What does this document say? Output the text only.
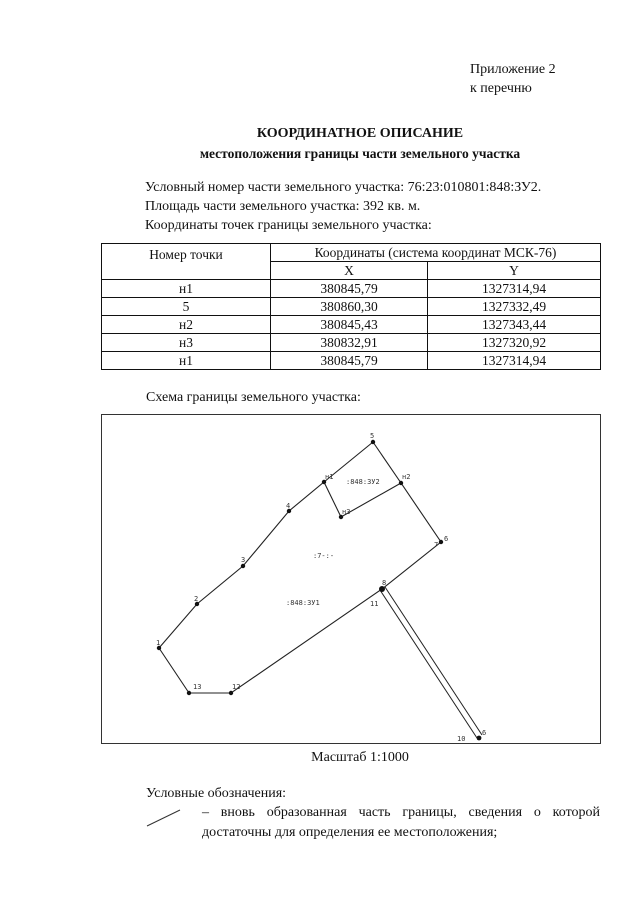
Приложение 2
к перечню
КООРДИНАТНОЕ ОПИСАНИЕ
местоположения границы части земельного участка
Условный номер части земельного участка: 76:23:010801:848:ЗУ2.
Площадь части земельного участка: 392 кв. м.
Координаты точек границы земельного участка:
Номер точки	Координаты (система координат МСК-76)	
	X	Y
н1	380845,79	1327314,94
5	380860,30	1327332,49
н2	380845,43	1327343,44
н3	380832,91	1327320,92
н1	380845,79	1327314,94
Схема границы земельного участка:
1
2
3
4
5
6
7
8
10
11
12
13
6
н1	н2
н3
:848:ЗУ2
:848:ЗУ1
:7-:-
Масштаб 1:1000
Условные обозначения:
– вновь образованная часть границы, сведения о которой достаточны для определения ее местоположения;
